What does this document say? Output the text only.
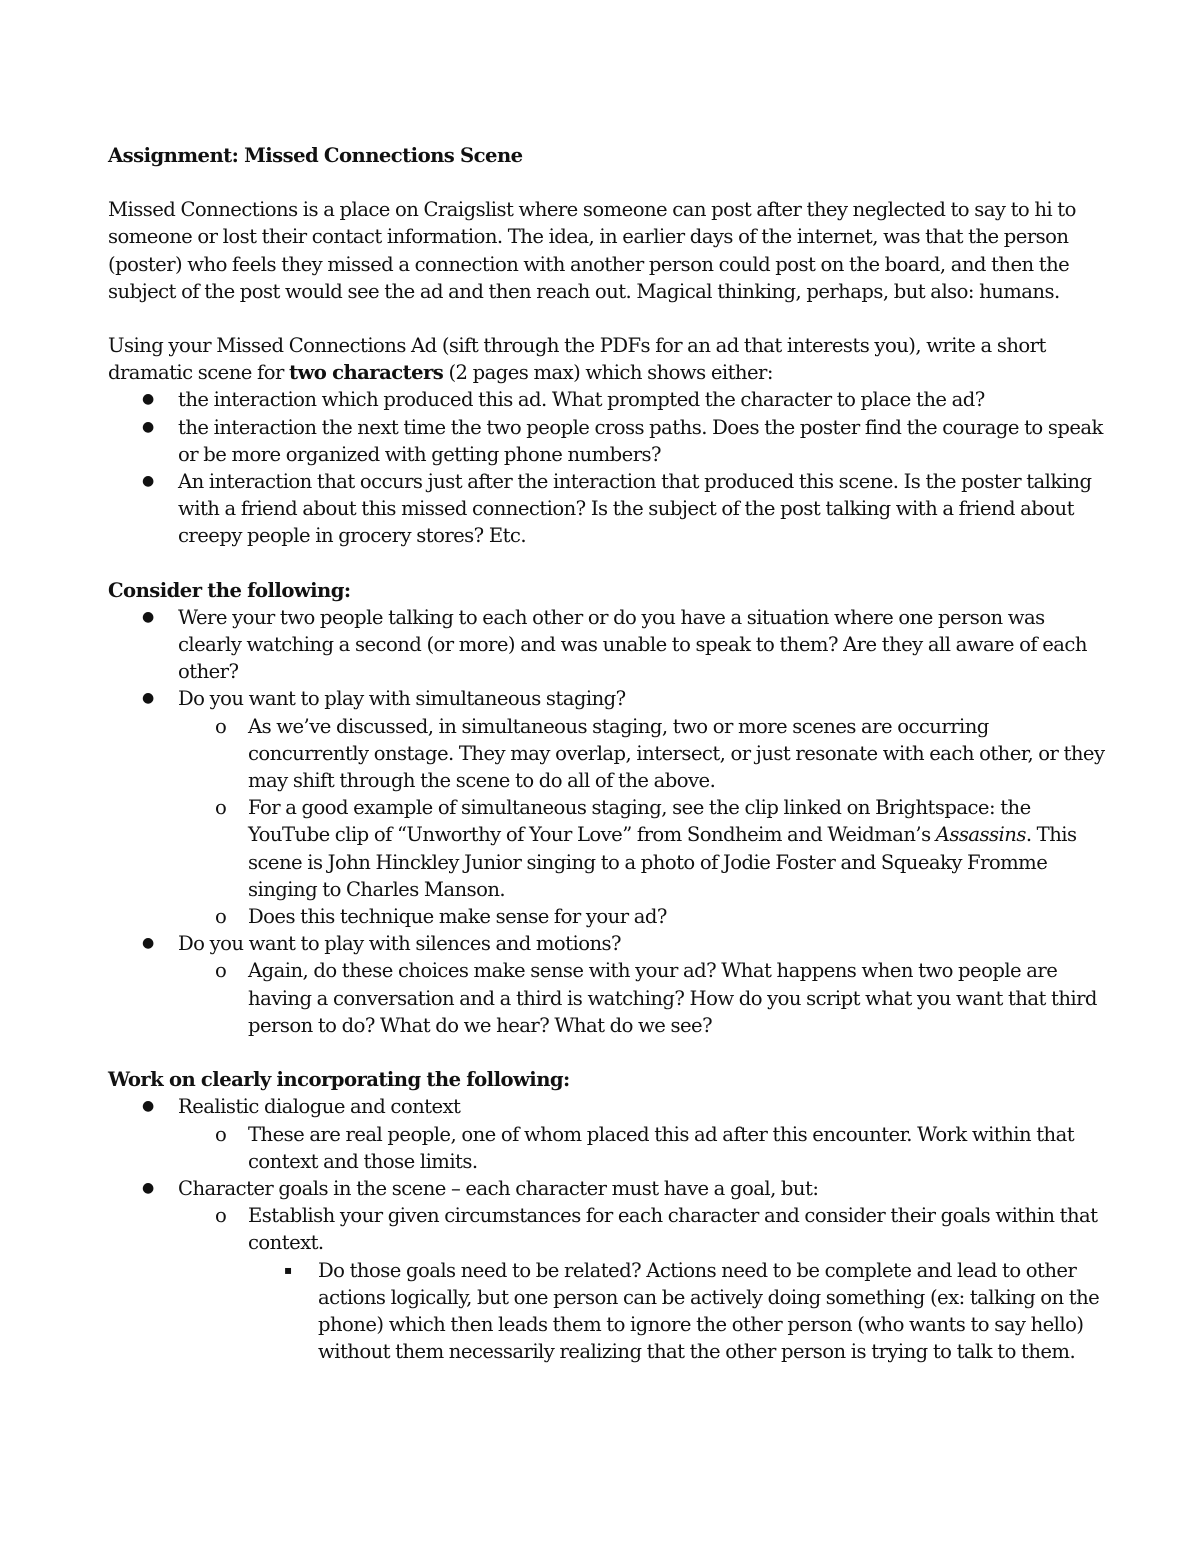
Assignment: Missed Connections Scene
Missed Connections is a place on Craigslist where someone can post after they neglected to say to hi to someone or lost their contact information. The idea, in earlier days of the internet, was that the person (poster) who feels they missed a connection with another person could post on the board, and then the subject of the post would see the ad and then reach out. Magical thinking, perhaps, but also: humans.
Using your Missed Connections Ad (sift through the PDFs for an ad that interests you), write a short dramatic scene for two characters (2 pages max) which shows either:
● the interaction which produced this ad. What prompted the character to place the ad?
● the interaction the next time the two people cross paths. Does the poster find the courage to speak or be more organized with getting phone numbers?
● An interaction that occurs just after the interaction that produced this scene. Is the poster talking with a friend about this missed connection? Is the subject of the post talking with a friend about creepy people in grocery stores? Etc.
Consider the following:
● Were your two people talking to each other or do you have a situation where one person was clearly watching a second (or more) and was unable to speak to them? Are they all aware of each other?
● Do you want to play with simultaneous staging?
o As we’ve discussed, in simultaneous staging, two or more scenes are occurring concurrently onstage. They may overlap, intersect, or just resonate with each other, or they may shift through the scene to do all of the above.
o For a good example of simultaneous staging, see the clip linked on Brightspace: the YouTube clip of “Unworthy of Your Love” from Sondheim and Weidman’s Assassins. This scene is John Hinckley Junior singing to a photo of Jodie Foster and Squeaky Fromme singing to Charles Manson.
o Does this technique make sense for your ad?
● Do you want to play with silences and motions?
o Again, do these choices make sense with your ad? What happens when two people are having a conversation and a third is watching? How do you script what you want that third person to do? What do we hear? What do we see?
Work on clearly incorporating the following:
● Realistic dialogue and context
o These are real people, one of whom placed this ad after this encounter. Work within that context and those limits.
● Character goals in the scene – each character must have a goal, but:
o Establish your given circumstances for each character and consider their goals within that context.
▪ Do those goals need to be related? Actions need to be complete and lead to other actions logically, but one person can be actively doing something (ex: talking on the phone) which then leads them to ignore the other person (who wants to say hello) without them necessarily realizing that the other person is trying to talk to them.
